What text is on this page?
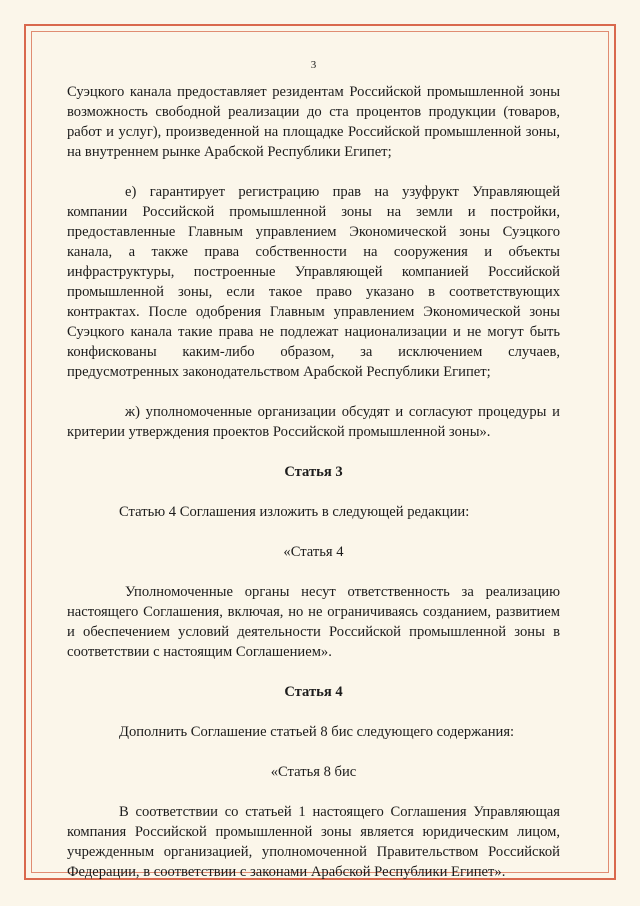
3

Суэцкого канала предоставляет резидентам Российской промышленной зоны возможность свободной реализации до ста процентов продукции (товаров, работ и услуг), произведенной на площадке Российской промышленной зоны, на внутреннем рынке Арабской Республики Египет;

е) гарантирует регистрацию прав на узуфрукт Управляющей компании Российской промышленной зоны на земли и постройки, предоставленные Главным управлением Экономической зоны Суэцкого канала, а также права собственности на сооружения и объекты инфраструктуры, построенные Управляющей компанией Российской промышленной зоны, если такое право указано в соответствующих контрактах. После одобрения Главным управлением Экономической зоны Суэцкого канала такие права не подлежат национализации и не могут быть конфискованы каким-либо образом, за исключением случаев, предусмотренных законодательством Арабской Республики Египет;

ж) уполномоченные организации обсудят и согласуют процедуры и критерии утверждения проектов Российской промышленной зоны».

Статья 3

Статью 4 Соглашения изложить в следующей редакции:

«Статья 4

Уполномоченные органы несут ответственность за реализацию настоящего Соглашения, включая, но не ограничиваясь созданием, развитием и обеспечением условий деятельности Российской промышленной зоны в соответствии с настоящим Соглашением».

Статья 4

Дополнить Соглашение статьей 8 бис следующего содержания:

«Статья 8 бис

В соответствии со статьей 1 настоящего Соглашения Управляющая компания Российской промышленной зоны является юридическим лицом, учрежденным организацией, уполномоченной Правительством Российской Федерации, в соответствии с законами Арабской Республики Египет».
